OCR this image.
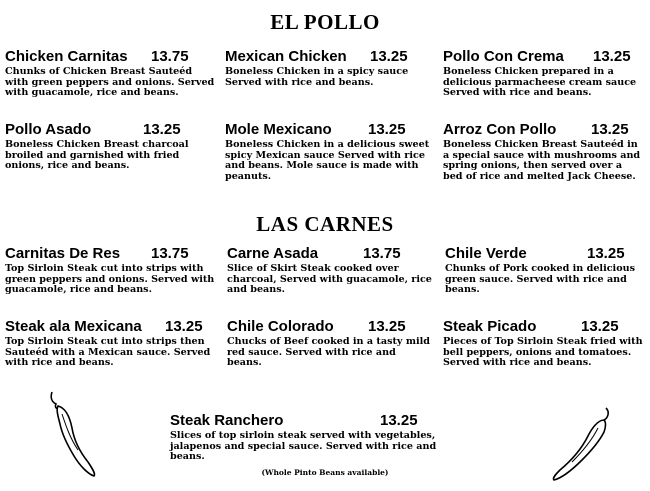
EL POLLO
LAS CARNES
Chicken Carnitas	13.75
Chunks of Chicken Breast Sauteéd with green peppers and onions. Served with guacamole, rice and beans.
Mexican Chicken	13.25
Boneless Chicken in a spicy sauce Served with rice and beans.
Pollo Con Crema	13.25
Boneless Chicken prepared in a delicious parmacheese cream sauce Served with rice and beans.
Pollo Asado	13.25
Boneless Chicken Breast charcoal broiled and garnished with fried onions, rice and beans.
Mole Mexicano	13.25
Boneless Chicken in a delicious sweet spicy Mexican sauce Served with rice and beans. Mole sauce is made with peanuts.
Arroz Con Pollo	13.25
Boneless Chicken Breast Sauteéd in a special sauce with mushrooms and spring onions, then served over a bed of rice and melted Jack Cheese.
Carnitas De Res	13.75
Top Sirloin Steak cut into strips with green peppers and onions. Served with guacamole, rice and beans.
Carne Asada	13.75
Slice of Skirt Steak cooked over charcoal, Served with guacamole, rice and beans.
Chile Verde	13.25
Chunks of Pork cooked in delicious green sauce. Served with rice and beans.
Steak ala Mexicana	13.25
Top Sirloin Steak cut into strips then Sauteéd with a Mexican sauce. Served with rice and beans.
Chile Colorado	13.25
Chucks of Beef cooked in a tasty mild red sauce. Served with rice and beans.
Steak Picado	13.25
Pieces of Top Sirloin Steak fried with bell peppers, onions and tomatoes. Served with rice and beans.
Steak Ranchero	13.25
Slices of top sirloin steak served with vegetables, jalapenos and special sauce. Served with rice and beans.
(Whole Pinto Beans available)
